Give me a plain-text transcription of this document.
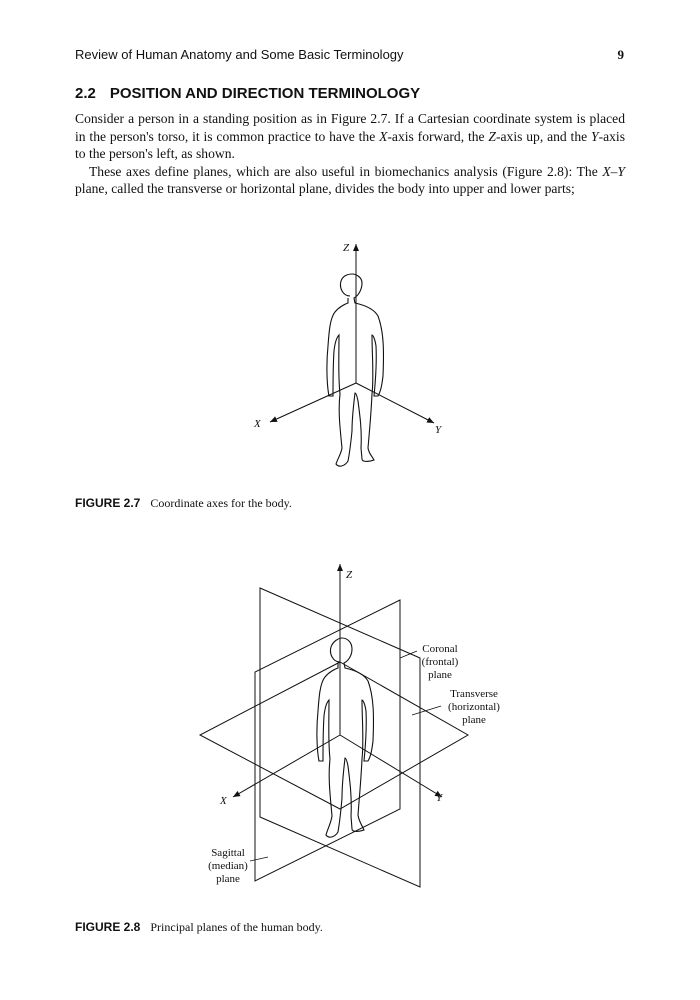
Review of Human Anatomy and Some Basic Terminology	9
2.2 POSITION AND DIRECTION TERMINOLOGY

Consider a person in a standing position as in Figure 2.7. If a Cartesian coordinate system is placed in the person's torso, it is common practice to have the X-axis forward, the Z-axis up, and the Y-axis to the person's left, as shown.

These axes define planes, which are also useful in biomechanics analysis (Figure 2.8): The X–Y plane, called the transverse or horizontal plane, divides the body into upper and lower parts;

Z
X	Y
FIGURE 2.7 Coordinate axes for the body.
Z
X	Y
Coronal
(frontal)
plane
Transverse
(horizontal)
plane
Sagittal
(median)
plane
FIGURE 2.8 Principal planes of the human body.
